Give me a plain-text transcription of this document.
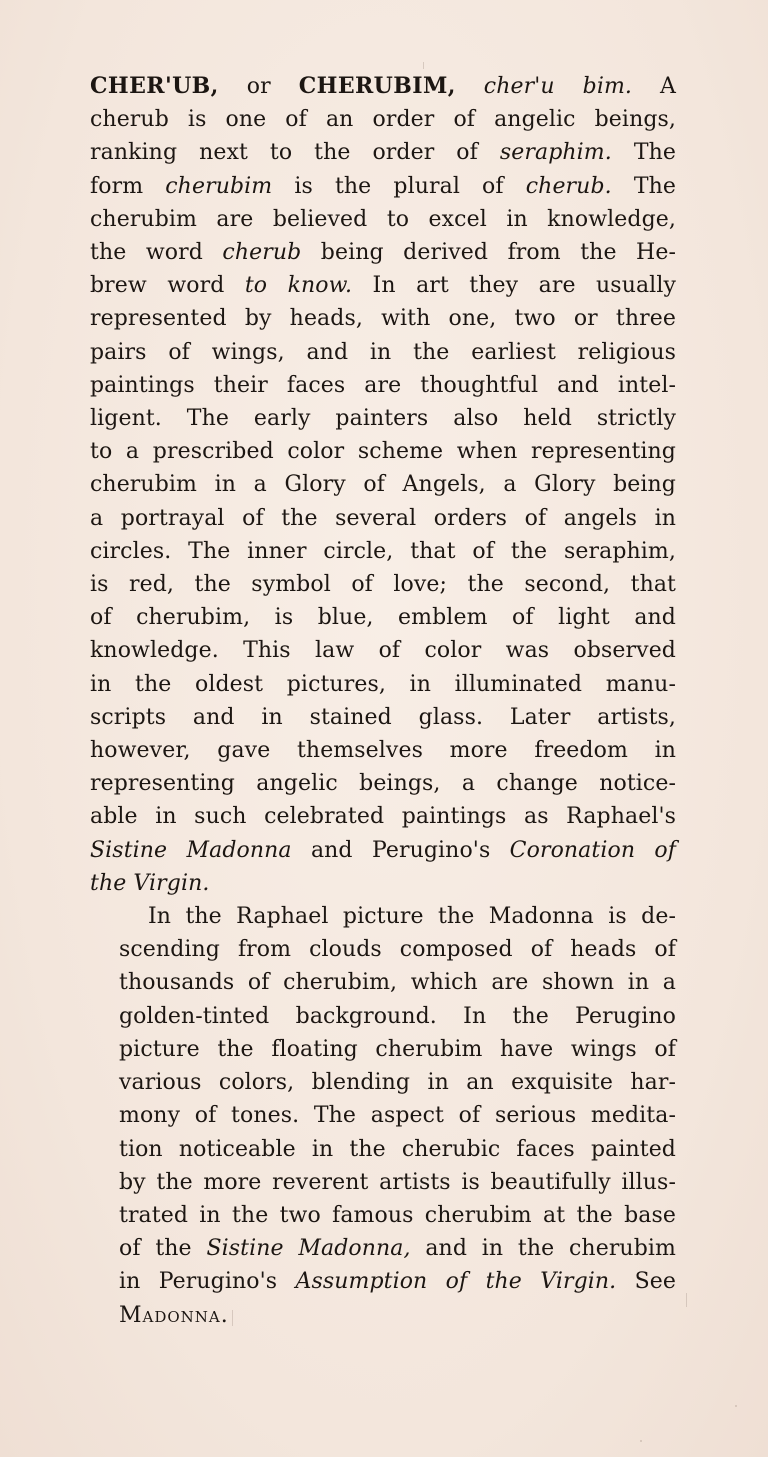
CHER'UB, or CHERUBIM, cher'u bim. A
cherub is one of an order of angelic beings,
ranking next to the order of seraphim. The
form cherubim is the plural of cherub. The
cherubim are believed to excel in knowledge,
the word cherub being derived from the He-
brew word to know. In art they are usually
represented by heads, with one, two or three
pairs of wings, and in the earliest religious
paintings their faces are thoughtful and intel-
ligent. The early painters also held strictly
to a prescribed color scheme when representing
cherubim in a Glory of Angels, a Glory being
a portrayal of the several orders of angels in
circles. The inner circle, that of the seraphim,
is red, the symbol of love; the second, that
of cherubim, is blue, emblem of light and
knowledge. This law of color was observed
in the oldest pictures, in illuminated manu-
scripts and in stained glass. Later artists,
however, gave themselves more freedom in
representing angelic beings, a change notice-
able in such celebrated paintings as Raphael's
Sistine Madonna and Perugino's Coronation of
the Virgin.
In the Raphael picture the Madonna is de-
scending from clouds composed of heads of
thousands of cherubim, which are shown in a
golden-tinted background. In the Perugino
picture the floating cherubim have wings of
various colors, blending in an exquisite har-
mony of tones. The aspect of serious medita-
tion noticeable in the cherubic faces painted
by the more reverent artists is beautifully illus-
trated in the two famous cherubim at the base
of the Sistine Madonna, and in the cherubim
in Perugino's Assumption of the Virgin. See
Madonna.
